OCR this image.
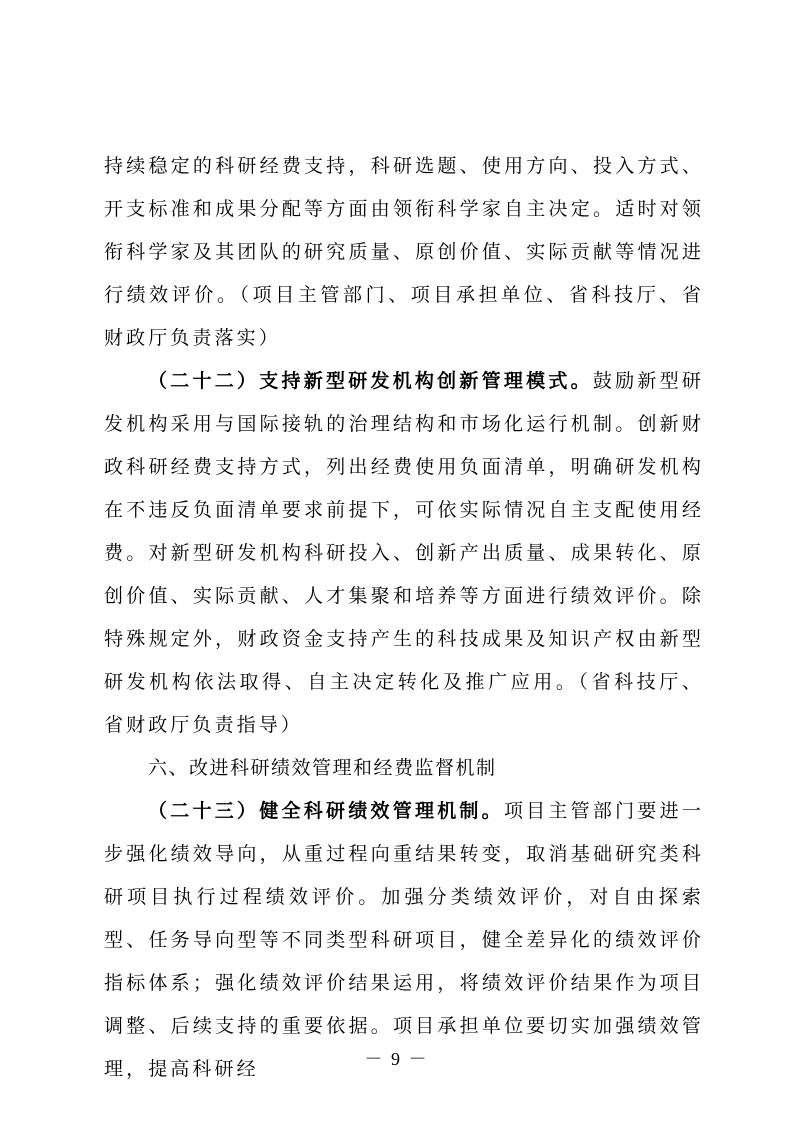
持续稳定的科研经费支持，科研选题、使用方向、投入方式、开支标准和成果分配等方面由领衔科学家自主决定。适时对领衔科学家及其团队的研究质量、原创价值、实际贡献等情况进行绩效评价。（项目主管部门、项目承担单位、省科技厅、省财政厅负责落实）

（二十二）支持新型研发机构创新管理模式。鼓励新型研发机构采用与国际接轨的治理结构和市场化运行机制。创新财政科研经费支持方式，列出经费使用负面清单，明确研发机构在不违反负面清单要求前提下，可依实际情况自主支配使用经费。对新型研发机构科研投入、创新产出质量、成果转化、原创价值、实际贡献、人才集聚和培养等方面进行绩效评价。除特殊规定外，财政资金支持产生的科技成果及知识产权由新型研发机构依法取得、自主决定转化及推广应用。（省科技厅、省财政厅负责指导）

六、改进科研绩效管理和经费监督机制

（二十三）健全科研绩效管理机制。项目主管部门要进一步强化绩效导向，从重过程向重结果转变，取消基础研究类科研项目执行过程绩效评价。加强分类绩效评价，对自由探索型、任务导向型等不同类型科研项目，健全差异化的绩效评价指标体系；强化绩效评价结果运用，将绩效评价结果作为项目调整、后续支持的重要依据。项目承担单位要切实加强绩效管理，提高科研经	－ 9 －
